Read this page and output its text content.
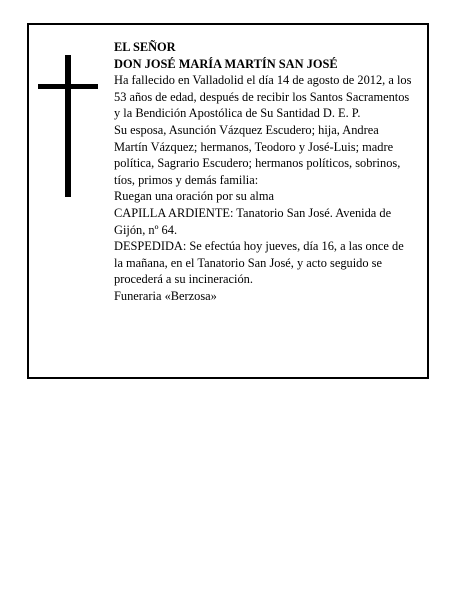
EL SEÑOR

DON JOSÉ MARÍA MARTÍN SAN JOSÉ

Ha fallecido en Valladolid el día 14 de agosto de 2012, a los 53 años de edad, después de recibir los Santos Sacramentos y la Bendición Apostólica de Su Santidad D. E. P.

Su esposa, Asunción Vázquez Escudero; hija, Andrea Martín Vázquez; hermanos, Teodoro y José-Luis; madre política, Sagrario Escudero; hermanos políticos, sobrinos, tíos, primos y demás familia:

Ruegan una oración por su alma

CAPILLA ARDIENTE: Tanatorio San José. Avenida de Gijón, nº 64.

DESPEDIDA: Se efectúa hoy jueves, día 16, a las once de la mañana, en el Tanatorio San José, y acto seguido se procederá a su incineración.

Funeraria «Berzosa»
